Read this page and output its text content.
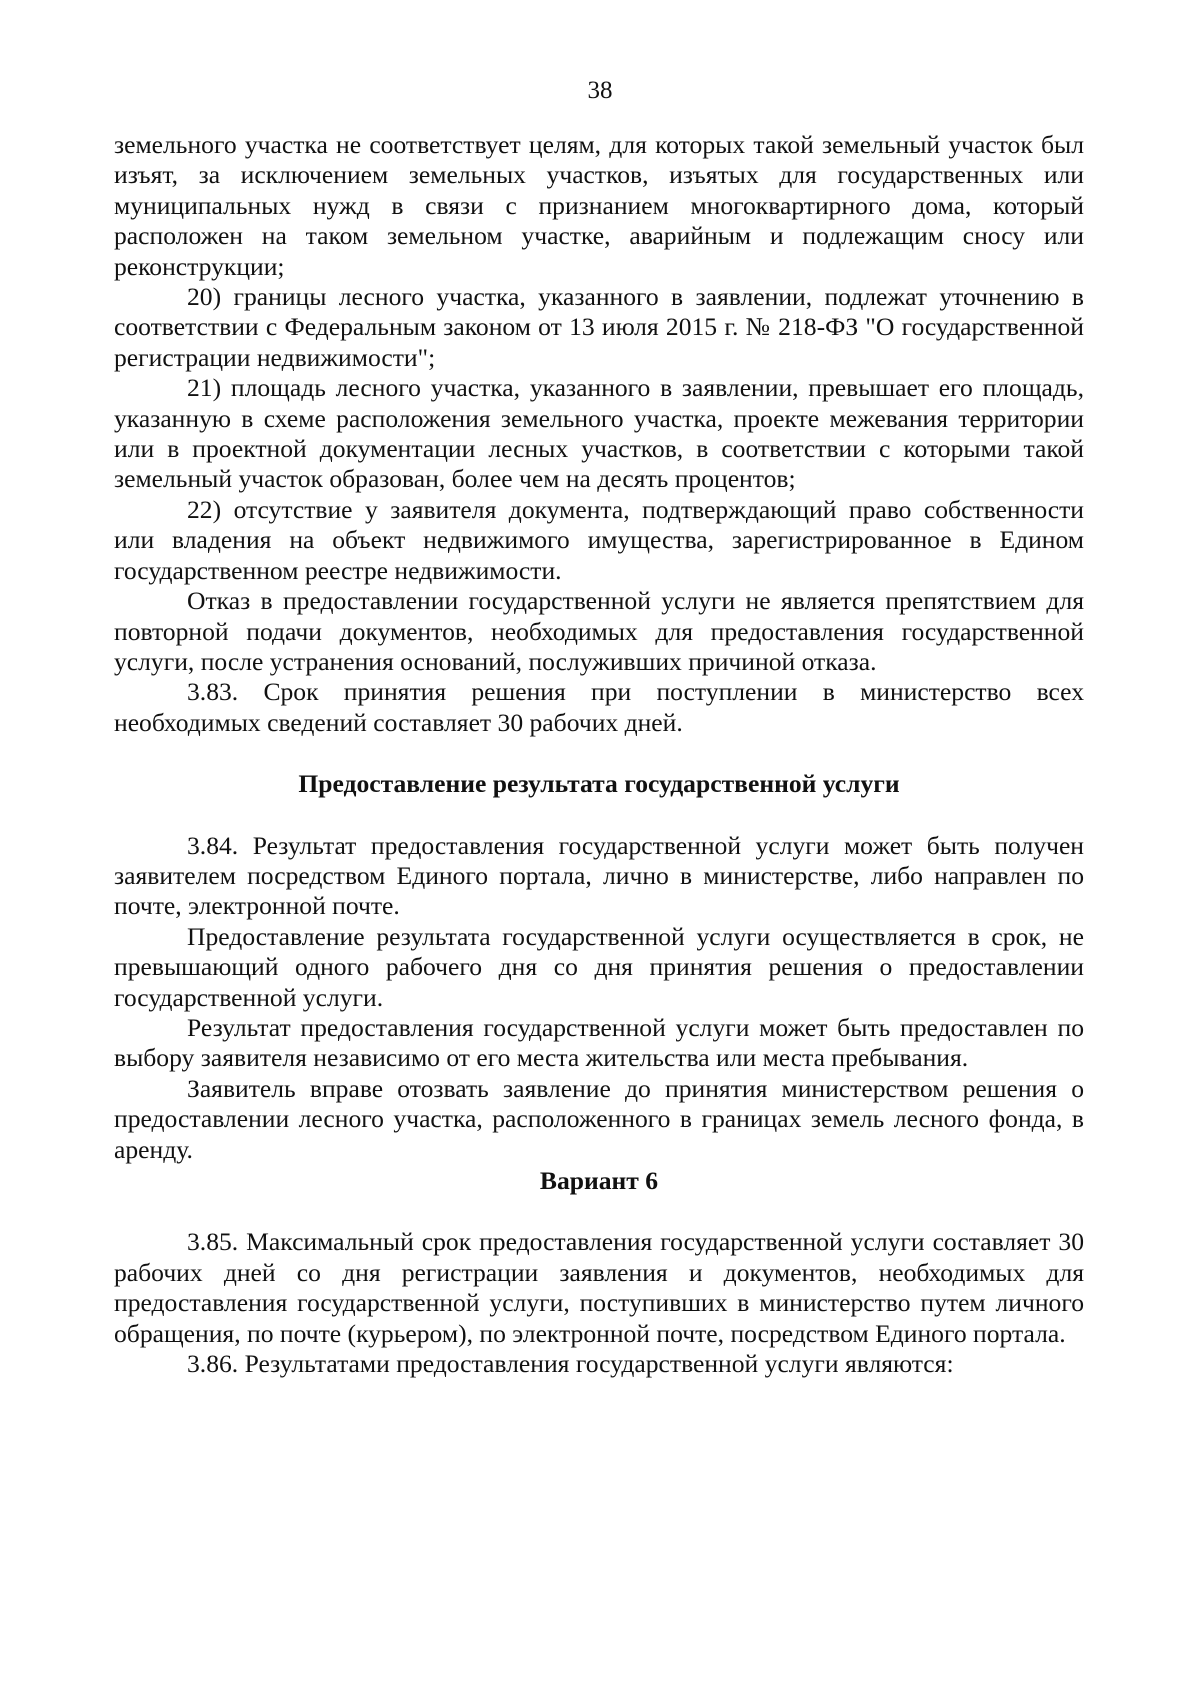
38

земельного участка не соответствует целям, для которых такой земельный участок был изъят, за исключением земельных участков, изъятых для государственных или муниципальных нужд в связи с признанием многоквартирного дома, который расположен на таком земельном участке, аварийным и подлежащим сносу или реконструкции;

20) границы лесного участка, указанного в заявлении, подлежат уточнению в соответствии с Федеральным законом от 13 июля 2015 г. № 218-ФЗ "О государственной регистрации недвижимости";

21) площадь лесного участка, указанного в заявлении, превышает его площадь, указанную в схеме расположения земельного участка, проекте межевания территории или в проектной документации лесных участков, в соответствии с которыми такой земельный участок образован, более чем на десять процентов;

22) отсутствие у заявителя документа, подтверждающий право собственности или владения на объект недвижимого имущества, зарегистрированное в Едином государственном реестре недвижимости.

Отказ в предоставлении государственной услуги не является препятствием для повторной подачи документов, необходимых для предоставления государственной услуги, после устранения оснований, послуживших причиной отказа.

3.83. Срок принятия решения при поступлении в министерство всех необходимых сведений составляет 30 рабочих дней.

Предоставление результата государственной услуги

3.84. Результат предоставления государственной услуги может быть получен заявителем посредством Единого портала, лично в министерстве, либо направлен по почте, электронной почте.

Предоставление результата государственной услуги осуществляется в срок, не превышающий одного рабочего дня со дня принятия решения о предоставлении государственной услуги.

Результат предоставления государственной услуги может быть предоставлен по выбору заявителя независимо от его места жительства или места пребывания.

Заявитель вправе отозвать заявление до принятия министерством решения о предоставлении лесного участка, расположенного в границах земель лесного фонда, в аренду.

Вариант 6

3.85. Максимальный срок предоставления государственной услуги составляет 30 рабочих дней со дня регистрации заявления и документов, необходимых для предоставления государственной услуги, поступивших в министерство путем личного обращения, по почте (курьером), по электронной почте, посредством Единого портала.

3.86. Результатами предоставления государственной услуги являются:
